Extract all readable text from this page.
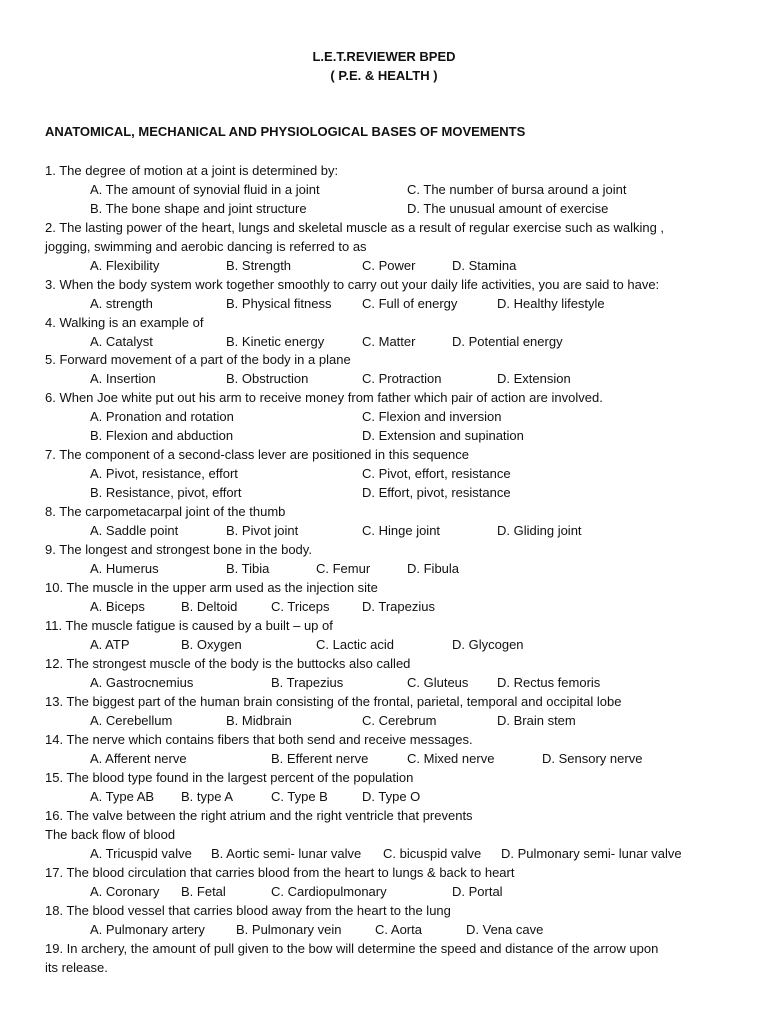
L.E.T.REVIEWER BPED
( P.E. & HEALTH )
ANATOMICAL, MECHANICAL AND PHYSIOLOGICAL BASES OF MOVEMENTS
1. The degree of motion at a joint is determined by:
A. The amount of synovial fluid in a joint	C. The number of bursa around a joint
B. The bone shape and joint structure	D. The unusual amount of exercise
2. The lasting power of the heart, lungs and skeletal muscle as a result of regular exercise such as walking ,
jogging, swimming and aerobic dancing is referred to as
A. Flexibility	B. Strength	C. Power	D. Stamina
3. When the body system work together smoothly to carry out your daily life activities, you are said to have:
A. strength	B. Physical fitness C. Full of energy	D. Healthy lifestyle
4. Walking is an example of
A. Catalyst	B. Kinetic energy	C. Matter	D. Potential energy
5. Forward movement of a part of the body in a plane
A. Insertion	B. Obstruction	C. Protraction	D. Extension
6. When Joe white put out his arm to receive money from father which pair of action are involved.
A. Pronation and rotation	C. Flexion and inversion
B. Flexion and abduction	D. Extension and supination
7. The component of a second-class lever are positioned in this sequence
A. Pivot, resistance, effort	C. Pivot, effort, resistance
B. Resistance, pivot, effort	D. Effort, pivot, resistance
8. The carpometacarpal joint of the thumb
A. Saddle point	B. Pivot joint	C. Hinge joint	D. Gliding joint
9. The longest and strongest bone in the body.
A. Humerus	B. Tibia	C. Femur	D. Fibula
10. The muscle in the upper arm used as the injection site
A. Biceps	B. Deltoid	C. Triceps D. Trapezius
11. The muscle fatigue is caused by a built – up of
A. ATP	B. Oxygen	C. Lactic acid	D. Glycogen
12. The strongest muscle of the body is the buttocks also called
A. Gastrocnemius	B. Trapezius	C. Gluteus D. Rectus femoris
13. The biggest part of the human brain consisting of the frontal, parietal, temporal and occipital lobe
A. Cerebellum	B. Midbrain	C. Cerebrum	D. Brain stem
14. The nerve which contains fibers that both send and receive messages.
A. Afferent nerve	B. Efferent nerve	C. Mixed nerve	D. Sensory nerve
15. The blood type found in the largest percent of the population
A. Type AB B. type A	C. Type B	D. Type O
16. The valve between the right atrium and the right ventricle that prevents
The back flow of blood
A. Tricuspid valve B. Aortic semi- lunar valve C. bicuspid valve D. Pulmonary semi- lunar valve
17. The blood circulation that carries blood from the heart to lungs & back to heart
A. Coronary B. Fetal	C. Cardiopulmonary	D. Portal
18. The blood vessel that carries blood away from the heart to the lung
A. Pulmonary artery B. Pulmonary vein	C. Aorta	D. Vena cave
19. In archery, the amount of pull given to the bow will determine the speed and distance of the arrow upon
its release.
